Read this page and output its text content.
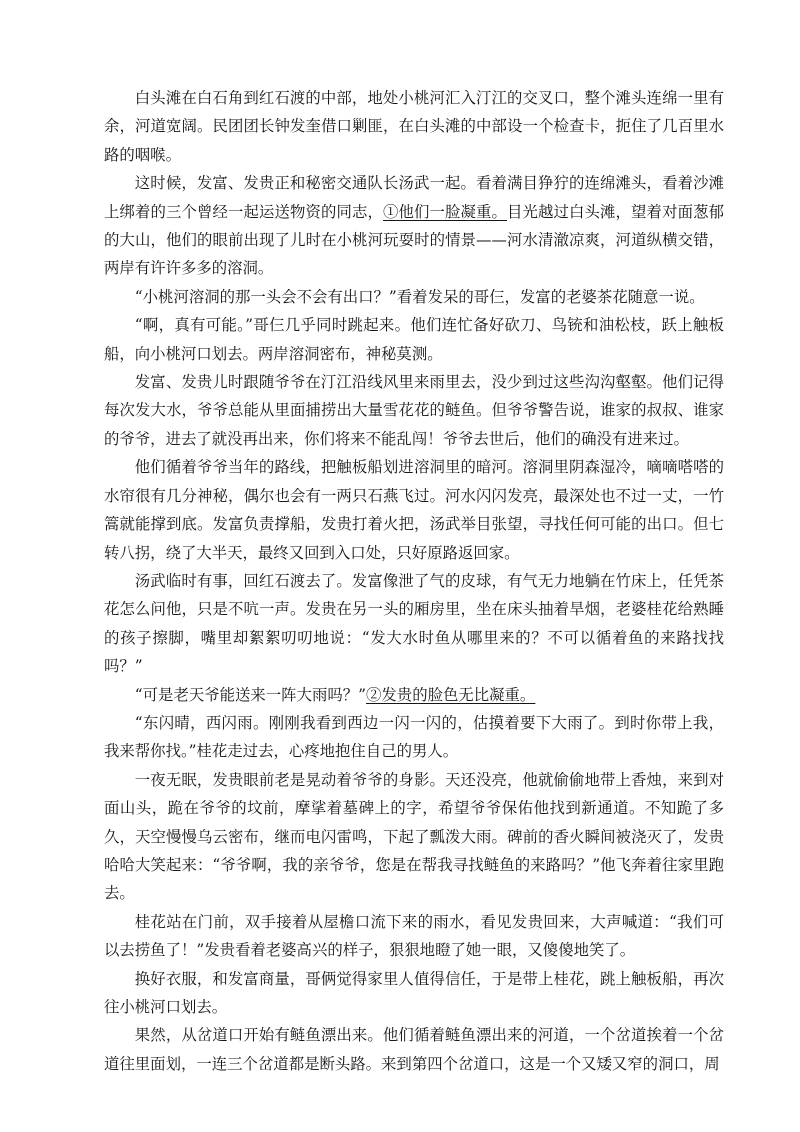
白头滩在白石角到红石渡的中部，地处小桃河汇入汀江的交叉口，整个滩头连绵一里有余，河道宽阔。民团团长钟发奎借口剿匪，在白头滩的中部设一个检查卡，扼住了几百里水路的咽喉。

这时候，发富、发贵正和秘密交通队长汤武一起。看着满目狰狞的连绵滩头，看着沙滩上绑着的三个曾经一起运送物资的同志，①他们一脸凝重。目光越过白头滩，望着对面葱郁的大山，他们的眼前出现了儿时在小桃河玩耍时的情景——河水清澈凉爽，河道纵横交错，两岸有许许多多的溶洞。

“小桃河溶洞的那一头会不会有出口？”看着发呆的哥仨，发富的老婆茶花随意一说。

“啊，真有可能。”哥仨几乎同时跳起来。他们连忙备好砍刀、鸟铳和油松枝，跃上触板船，向小桃河口划去。两岸溶洞密布，神秘莫测。

发富、发贵儿时跟随爷爷在汀江沿线风里来雨里去，没少到过这些沟沟壑壑。他们记得每次发大水，爷爷总能从里面捕捞出大量雪花花的鲢鱼。但爷爷警告说，谁家的叔叔、谁家的爷爷，进去了就没再出来，你们将来不能乱闯！爷爷去世后，他们的确没有进来过。

他们循着爷爷当年的路线，把触板船划进溶洞里的暗河。溶洞里阴森湿冷，嘀嘀嗒嗒的水帘很有几分神秘，偶尔也会有一两只石燕飞过。河水闪闪发亮，最深处也不过一丈，一竹篙就能撑到底。发富负责撑船，发贵打着火把，汤武举目张望，寻找任何可能的出口。但七转八拐，绕了大半天，最终又回到入口处，只好原路返回家。

汤武临时有事，回红石渡去了。发富像泄了气的皮球，有气无力地躺在竹床上，任凭茶花怎么问他，只是不吭一声。发贵在另一头的厢房里，坐在床头抽着旱烟，老婆桂花给熟睡的孩子擦脚，嘴里却絮絮叨叨地说：“发大水时鱼从哪里来的？不可以循着鱼的来路找找吗？”

“可是老天爷能送来一阵大雨吗？”②发贵的脸色无比凝重。

“东闪晴，西闪雨。刚刚我看到西边一闪一闪的，估摸着要下大雨了。到时你带上我，我来帮你找。”桂花走过去，心疼地抱住自己的男人。

一夜无眠，发贵眼前老是晃动着爷爷的身影。天还没亮，他就偷偷地带上香烛，来到对面山头，跪在爷爷的坟前，摩挲着墓碑上的字，希望爷爷保佑他找到新通道。不知跪了多久，天空慢慢乌云密布，继而电闪雷鸣，下起了瓢泼大雨。碑前的香火瞬间被浇灭了，发贵哈哈大笑起来：“爷爷啊，我的亲爷爷，您是在帮我寻找鲢鱼的来路吗？”他飞奔着往家里跑去。

桂花站在门前，双手接着从屋檐口流下来的雨水，看见发贵回来，大声喊道：“我们可以去捞鱼了！”发贵看着老婆高兴的样子，狠狠地瞪了她一眼，又傻傻地笑了。

换好衣服，和发富商量，哥俩觉得家里人值得信任，于是带上桂花，跳上触板船，再次往小桃河口划去。

果然，从岔道口开始有鲢鱼漂出来。他们循着鲢鱼漂出来的河道，一个岔道挨着一个岔道往里面划，一连三个岔道都是断头路。来到第四个岔道口，这是一个又矮又窄的洞口，周
